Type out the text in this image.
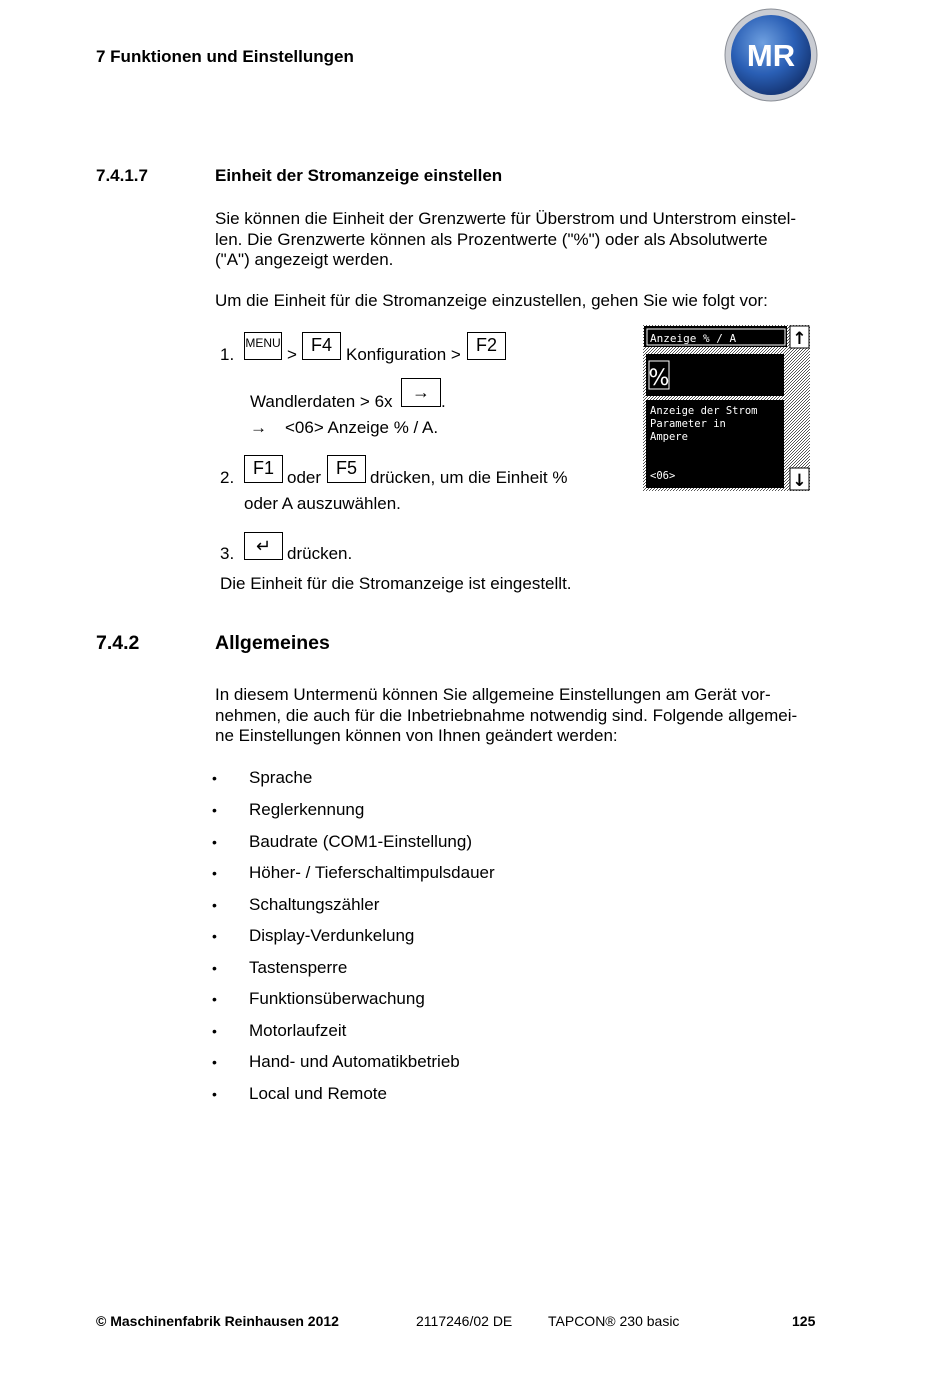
7 Funktionen und Einstellungen	MR
7.4.1.7	Einheit der Stromanzeige einstellen
Sie können die Einheit der Grenzwerte für Überstrom und Unterstrom einstel-
len. Die Grenzwerte können als Prozentwerte ("%") oder als Absolutwerte
("A") angezeigt werden.
Um die Einheit für die Stromanzeige einzustellen, gehen Sie wie folgt vor:
1.
MENU
> F4 Konfiguration > F2
Wandlerdaten > 6x	→ .
→ <06> Anzeige % / A.
2.	F1 oder F5 drücken, um die Einheit %
oder A auszuwählen.
3.	↵ drücken.
Die Einheit für die Stromanzeige ist eingestellt.
Anzeige % / A	↑
%
Anzeige der Strom Parameter in Ampere
<06>	↓
7.4.2	Allgemeines
In diesem Untermenü können Sie allgemeine Einstellungen am Gerät vor-
nehmen, die auch für die Inbetriebnahme notwendig sind. Folgende allgemei-
ne Einstellungen können von Ihnen geändert werden:
• Sprache
• Reglerkennung
• Baudrate (COM1-Einstellung)
• Höher- / Tieferschaltimpulsdauer
• Schaltungszähler
• Display-Verdunkelung
• Tastensperre
• Funktionsüberwachung
• Motorlaufzeit
• Hand- und Automatikbetrieb
• Local und Remote
© Maschinenfabrik Reinhausen 2012	2117246/02 DE	TAPCON® 230 basic	125
